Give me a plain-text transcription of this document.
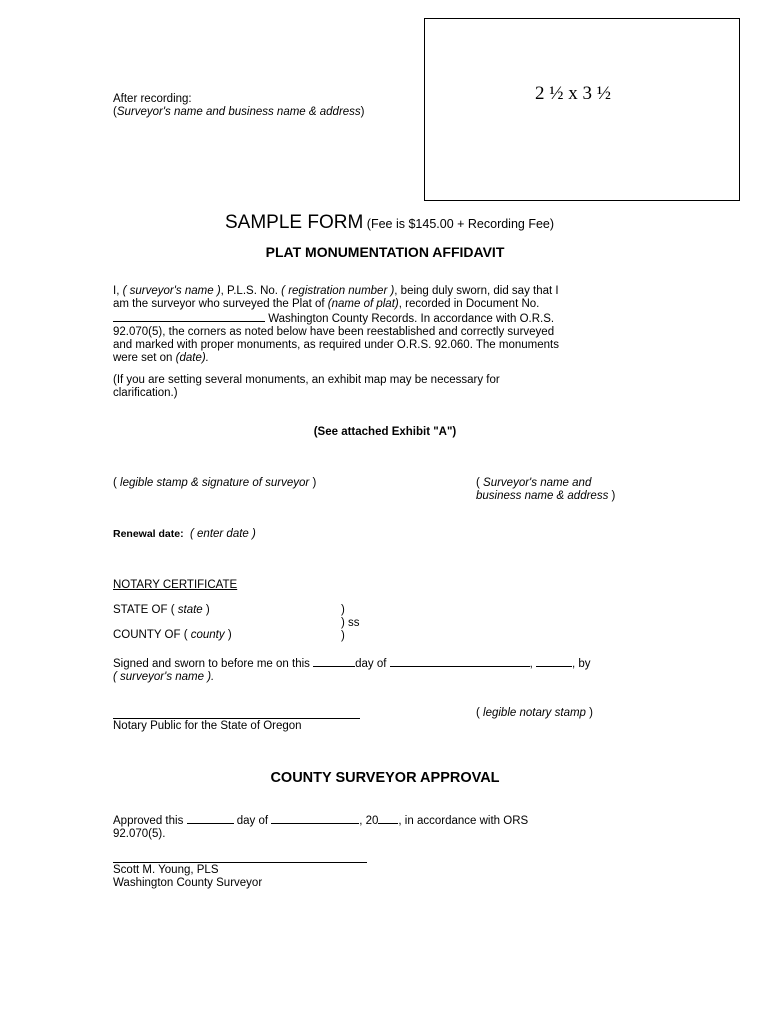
2 ½ x 3 ½
After recording:
(Surveyor's name and business name & address)
SAMPLE FORM (Fee is $145.00 + Recording Fee)
PLAT MONUMENTATION AFFIDAVIT
I, ( surveyor's name ), P.L.S. No. ( registration number ), being duly sworn, did say that I
am the surveyor who surveyed the Plat of (name of plat), recorded in Document No.
Washington County Records. In accordance with O.R.S.
92.070(5), the corners as noted below have been reestablished and correctly surveyed
and marked with proper monuments, as required under O.R.S. 92.060. The monuments
were set on (date).
(If you are setting several monuments, an exhibit map may be necessary for
clarification.)
(See attached Exhibit "A")
( legible stamp & signature of surveyor )	( Surveyor's name and
business name & address )
Renewal date: ( enter date )
NOTARY CERTIFICATE
STATE OF ( state )
COUNTY OF ( county )
)
) ss
)
Signed and sworn to before me on this	day of	,	, by
( surveyor's name ).
Notary Public for the State of Oregon
( legible notary stamp )
COUNTY SURVEYOR APPROVAL
Approved this	day of	, 20 , in accordance with ORS
92.070(5).
Scott M. Young, PLS
Washington County Surveyor
